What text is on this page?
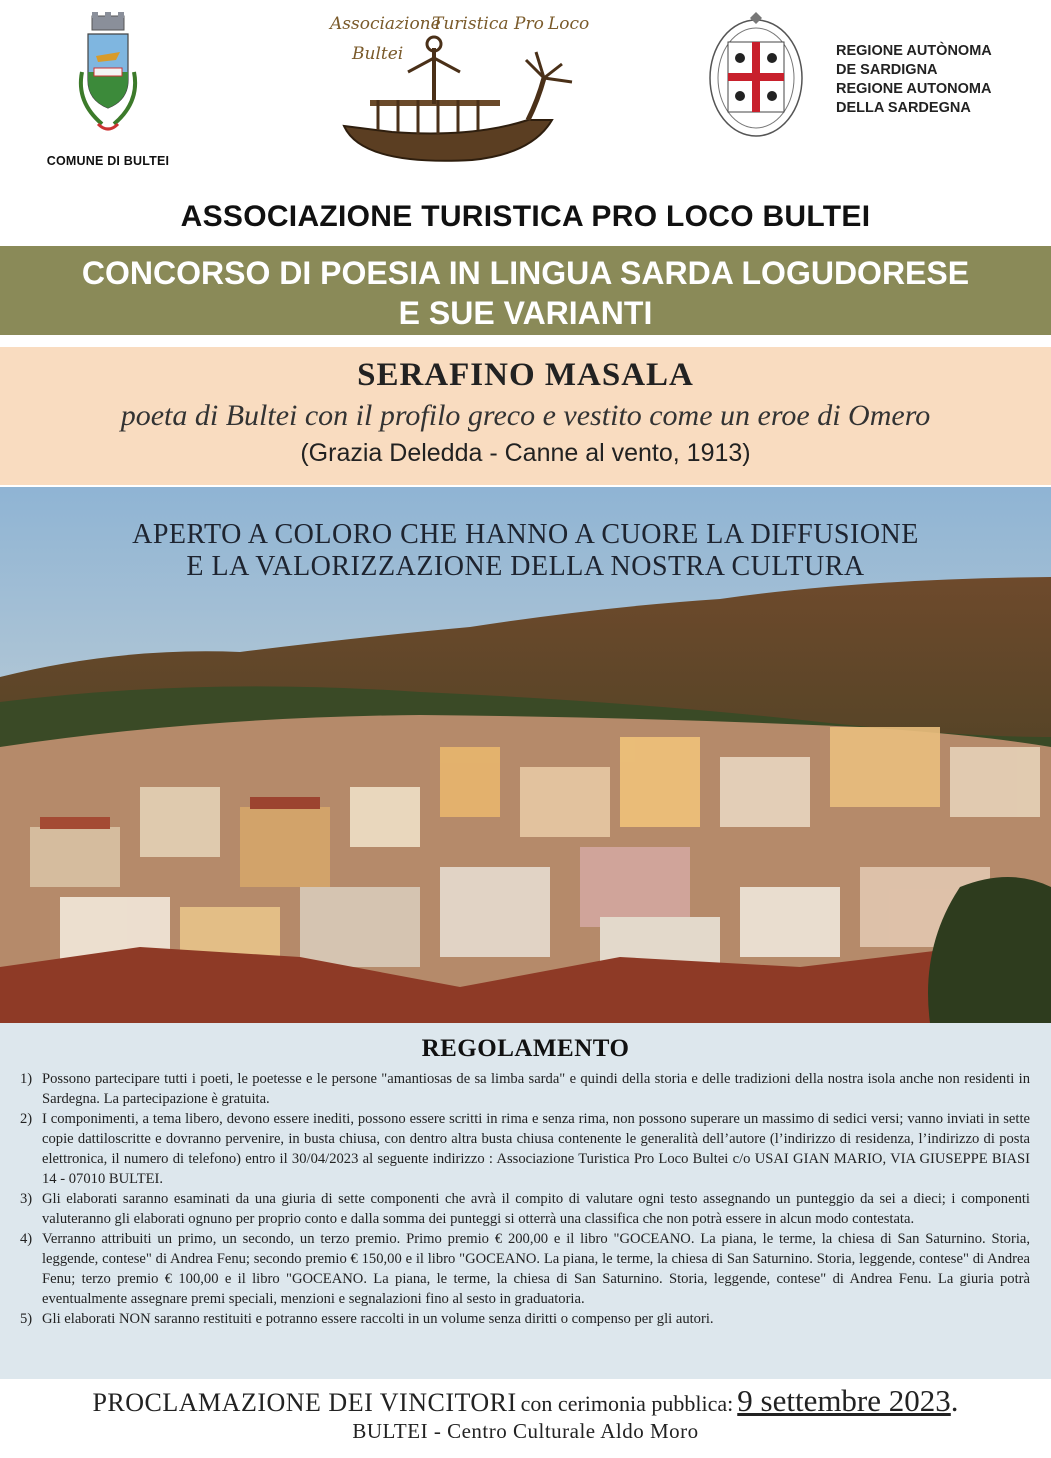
COMUNE DI BULTEI
Associazione
Turistica Pro Loco
Bultei	REGIONE AUTÒNOMA
DE SARDIGNA
REGIONE AUTONOMA
DELLA SARDEGNA
ASSOCIAZIONE TURISTICA PRO LOCO BULTEI
CONCORSO DI POESIA IN LINGUA SARDA LOGUDORESE
E SUE VARIANTI
SERAFINO MASALA
poeta di Bultei con il profilo greco e vestito come un eroe di Omero
(Grazia Deledda - Canne al vento, 1913)
APERTO A COLORO CHE HANNO A CUORE LA DIFFUSIONE
E LA VALORIZZAZIONE DELLA NOSTRA CULTURA
REGOLAMENTO
1) Possono partecipare tutti i poeti, le poetesse e le persone "amantiosas de sa limba sarda" e quindi della storia e delle tradizioni della nostra isola anche non residenti in Sardegna. La partecipazione è gratuita.
2) I componimenti, a tema libero, devono essere inediti, possono essere scritti in rima e senza rima, non possono superare un massimo di sedici versi; vanno inviati in sette copie dattiloscritte e dovranno pervenire, in busta chiusa, con dentro altra busta chiusa contenente le generalità dell’autore (l’indirizzo di residenza, l’indirizzo di posta elettronica, il numero di telefono) entro il 30/04/2023 al seguente indirizzo : Associazione Turistica Pro Loco Bultei c/o USAI GIAN MARIO, VIA GIUSEPPE BIASI 14 - 07010 BULTEI.
3) Gli elaborati saranno esaminati da una giuria di sette componenti che avrà il compito di valutare ogni testo assegnando un punteggio da sei a dieci; i componenti valuteranno gli elaborati ognuno per proprio conto e dalla somma dei punteggi si otterrà una classifica che non potrà essere in alcun modo contestata.
4) Verranno attribuiti un primo, un secondo, un terzo premio. Primo premio € 200,00 e il libro "GOCEANO. La piana, le terme, la chiesa di San Saturnino. Storia, leggende, contese" di Andrea Fenu; secondo premio € 150,00 e il libro "GOCEANO. La piana, le terme, la chiesa di San Saturnino. Storia, leggende, contese" di Andrea Fenu; terzo premio € 100,00 e il libro "GOCEANO. La piana, le terme, la chiesa di San Saturnino. Storia, leggende, contese" di Andrea Fenu. La giuria potrà eventualmente assegnare premi speciali, menzioni e segnalazioni fino al sesto in graduatoria.
5) Gli elaborati NON saranno restituiti e potranno essere raccolti in un volume senza diritti o compenso per gli autori.
PROCLAMAZIONE DEI VINCITORI con cerimonia pubblica: 9 settembre 2023.
BULTEI - Centro Culturale Aldo Moro
